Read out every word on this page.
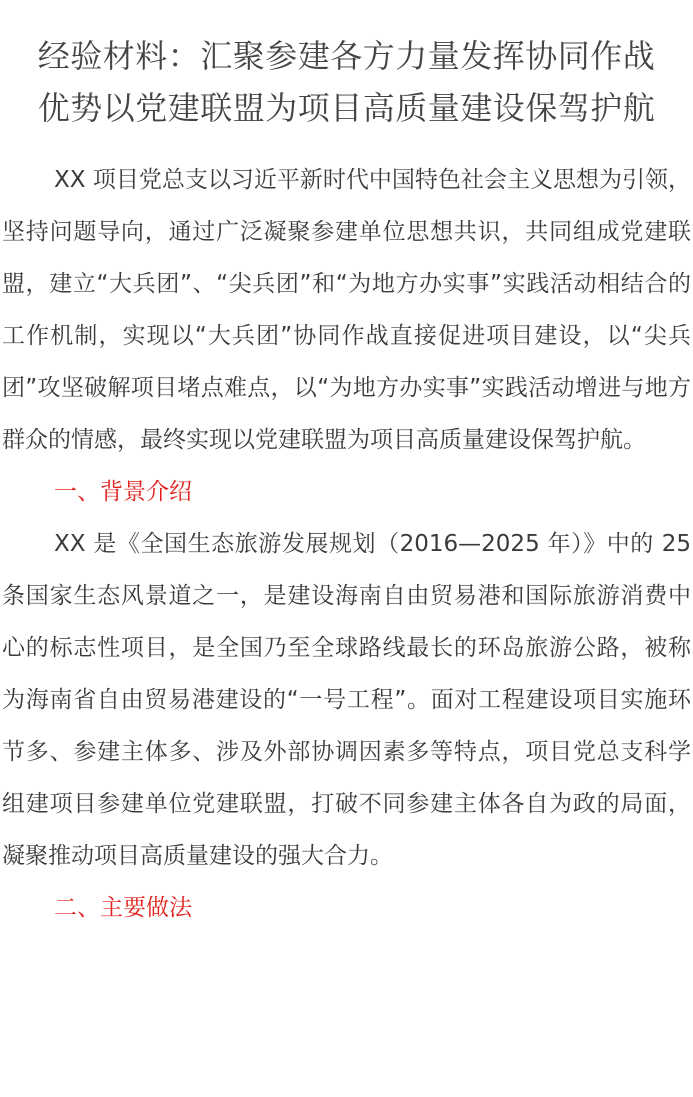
经验材料：汇聚参建各方力量发挥协同作战
优势以党建联盟为项目高质量建设保驾护航

XX 项目党总支以习近平新时代中国特色社会主义思想为引领，坚持问题导向，通过广泛凝聚参建单位思想共识，共同组成党建联盟，建立“大兵团”、“尖兵团”和“为地方办实事”实践活动相结合的工作机制，实现以“大兵团”协同作战直接促进项目建设，以“尖兵团”攻坚破解项目堵点难点，以“为地方办实事”实践活动增进与地方群众的情感，最终实现以党建联盟为项目高质量建设保驾护航。

一、背景介绍

XX 是《全国生态旅游发展规划（2016—2025 年）》中的 25 条国家生态风景道之一，是建设海南自由贸易港和国际旅游消费中心的标志性项目，是全国乃至全球路线最长的环岛旅游公路，被称为海南省自由贸易港建设的“一号工程”。面对工程建设项目实施环节多、参建主体多、涉及外部协调因素多等特点，项目党总支科学组建项目参建单位党建联盟，打破不同参建主体各自为政的局面，凝聚推动项目高质量建设的强大合力。

二、主要做法
